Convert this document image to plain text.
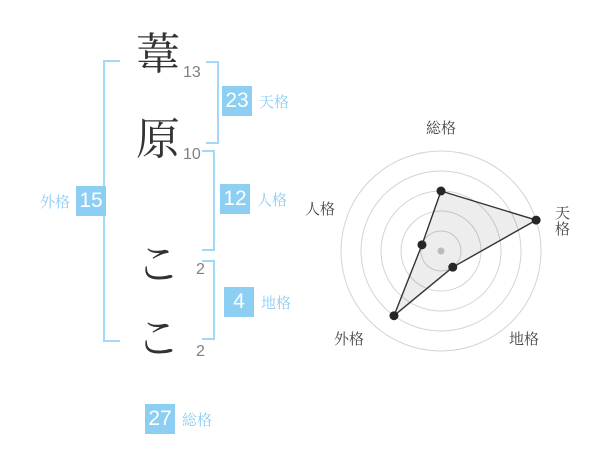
葦
原
こ
こ
13
10
2
2
外格 15
23 天格
12 人格
4	地格
27 総格
総格
天格
地格
外格
人格
